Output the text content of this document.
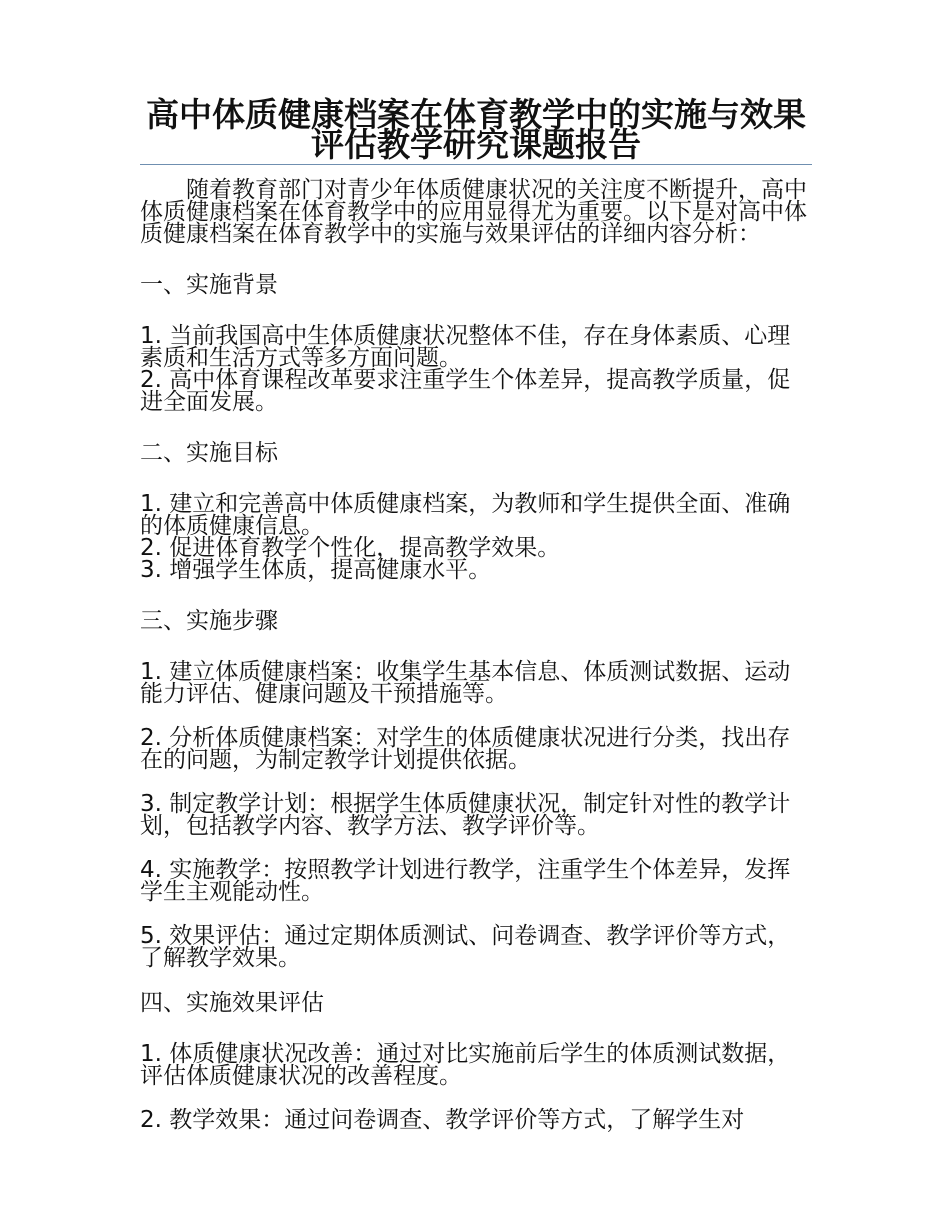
高中体质健康档案在体育教学中的实施与效果评估教学研究课题报告

随着教育部门对青少年体质健康状况的关注度不断提升，高中体质健康档案在体育教学中的应用显得尤为重要。以下是对高中体质健康档案在体育教学中的实施与效果评估的详细内容分析：

一、实施背景

1. 当前我国高中生体质健康状况整体不佳，存在身体素质、心理素质和生活方式等多方面问题。

2. 高中体育课程改革要求注重学生个体差异，提高教学质量，促进全面发展。

二、实施目标

1. 建立和完善高中体质健康档案，为教师和学生提供全面、准确的体质健康信息。

2. 促进体育教学个性化，提高教学效果。

3. 增强学生体质，提高健康水平。

三、实施步骤

1. 建立体质健康档案：收集学生基本信息、体质测试数据、运动能力评估、健康问题及干预措施等。

2. 分析体质健康档案：对学生的体质健康状况进行分类，找出存在的问题，为制定教学计划提供依据。

3. 制定教学计划：根据学生体质健康状况，制定针对性的教学计划，包括教学内容、教学方法、教学评价等。

4. 实施教学：按照教学计划进行教学，注重学生个体差异，发挥学生主观能动性。

5. 效果评估：通过定期体质测试、问卷调查、教学评价等方式，了解教学效果。

四、实施效果评估

1. 体质健康状况改善：通过对比实施前后学生的体质测试数据，评估体质健康状况的改善程度。

2. 教学效果：通过问卷调查、教学评价等方式，了解学生对
